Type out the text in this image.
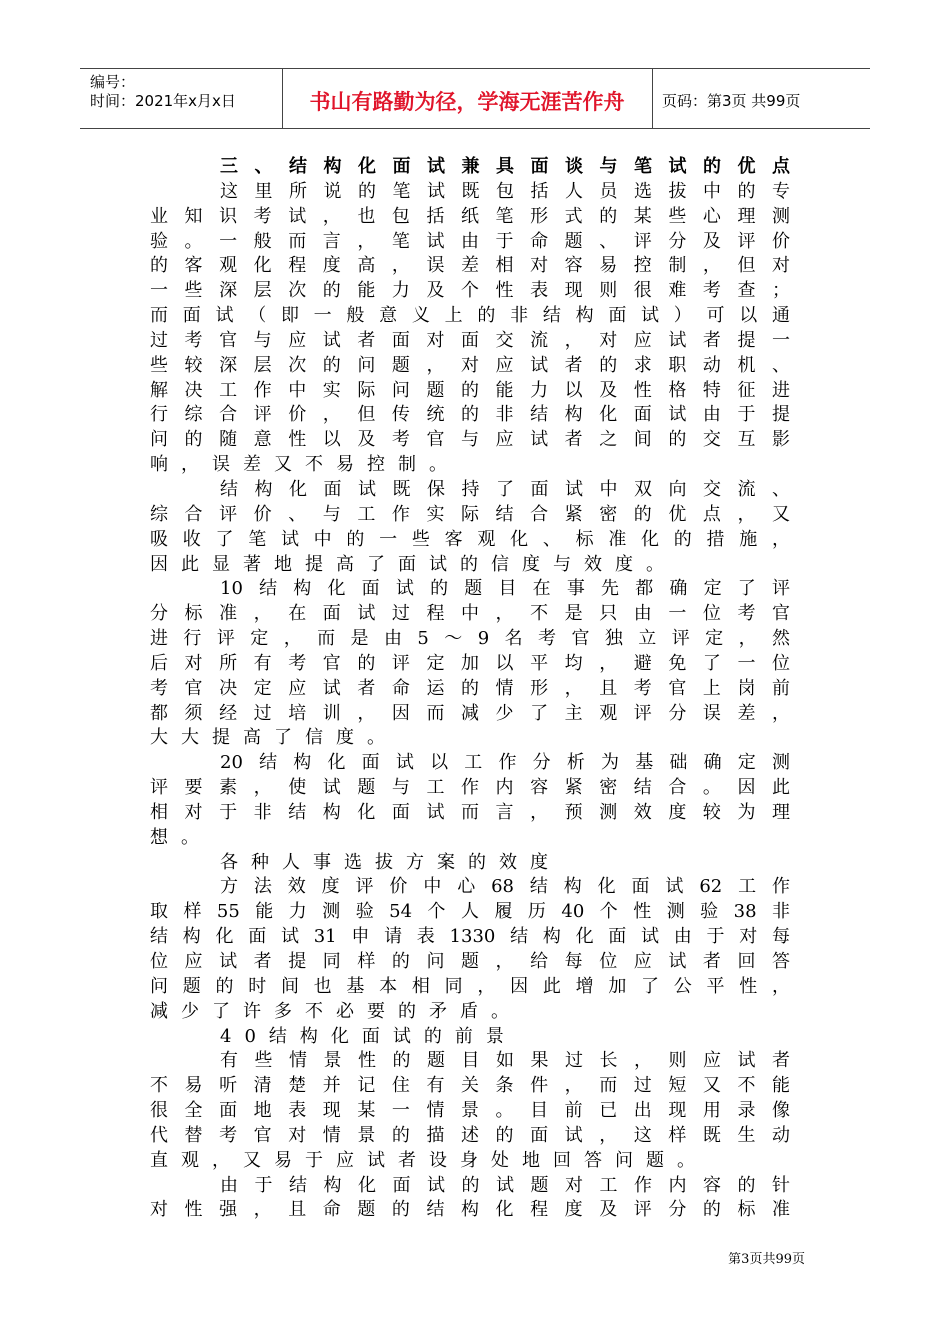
编号：
时间：2021年x月x日	书山有路勤为径，学海无涯苦作舟	页码：第3页 共99页
三、结构化面试兼具面谈与笔试的优点
这里所说的笔试既包括人员选拔中的专
业知识考试，也包括纸笔形式的某些心理测
验。一般而言，笔试由于命题、评分及评价
的客观化程度高，误差相对容易控制，但对
一些深层次的能力及个性表现则很难考查；
而面试（即一般意义上的非结构面试）可以通
过考官与应试者面对面交流，对应试者提一
些较深层次的问题，对应试者的求职动机、
解决工作中实际问题的能力以及性格特征进
行综合评价，但传统的非结构化面试由于提
问的随意性以及考官与应试者之间的交互影
响，误差又不易控制。
结构化面试既保持了面试中双向交流、
综合评价、与工作实际结合紧密的优点，又
吸收了笔试中的一些客观化、标准化的措施，
因此显著地提高了面试的信度与效度。
10结构化面试的题目在事先都确定了评
分标准，在面试过程中，不是只由一位考官
进行评定，而是由5～9名考官独立评定，然
后对所有考官的评定加以平均，避免了一位
考官决定应试者命运的情形，且考官上岗前
都须经过培训，因而减少了主观评分误差，
大大提高了信度。
20结构化面试以工作分析为基础确定测
评要素，使试题与工作内容紧密结合。因此
相对于非结构化面试而言，预测效度较为理
想。
各种人事选拔方案的效度
方法效度评价中心68结构化面试62工作
取样55能力测验54个人履历40个性测验38非
结构化面试31申请表1330结构化面试由于对每
位应试者提同样的问题，给每位应试者回答
问题的时间也基本相同，因此增加了公平性，
减少了许多不必要的矛盾。
40结构化面试的前景
有些情景性的题目如果过长，则应试者
不易听清楚并记住有关条件，而过短又不能
很全面地表现某一情景。目前已出现用录像
代替考官对情景的描述的面试，这样既生动
直观，又易于应试者设身处地回答问题。
由于结构化面试的试题对工作内容的针
对性强，且命题的结构化程度及评分的标准
第3页共99页
